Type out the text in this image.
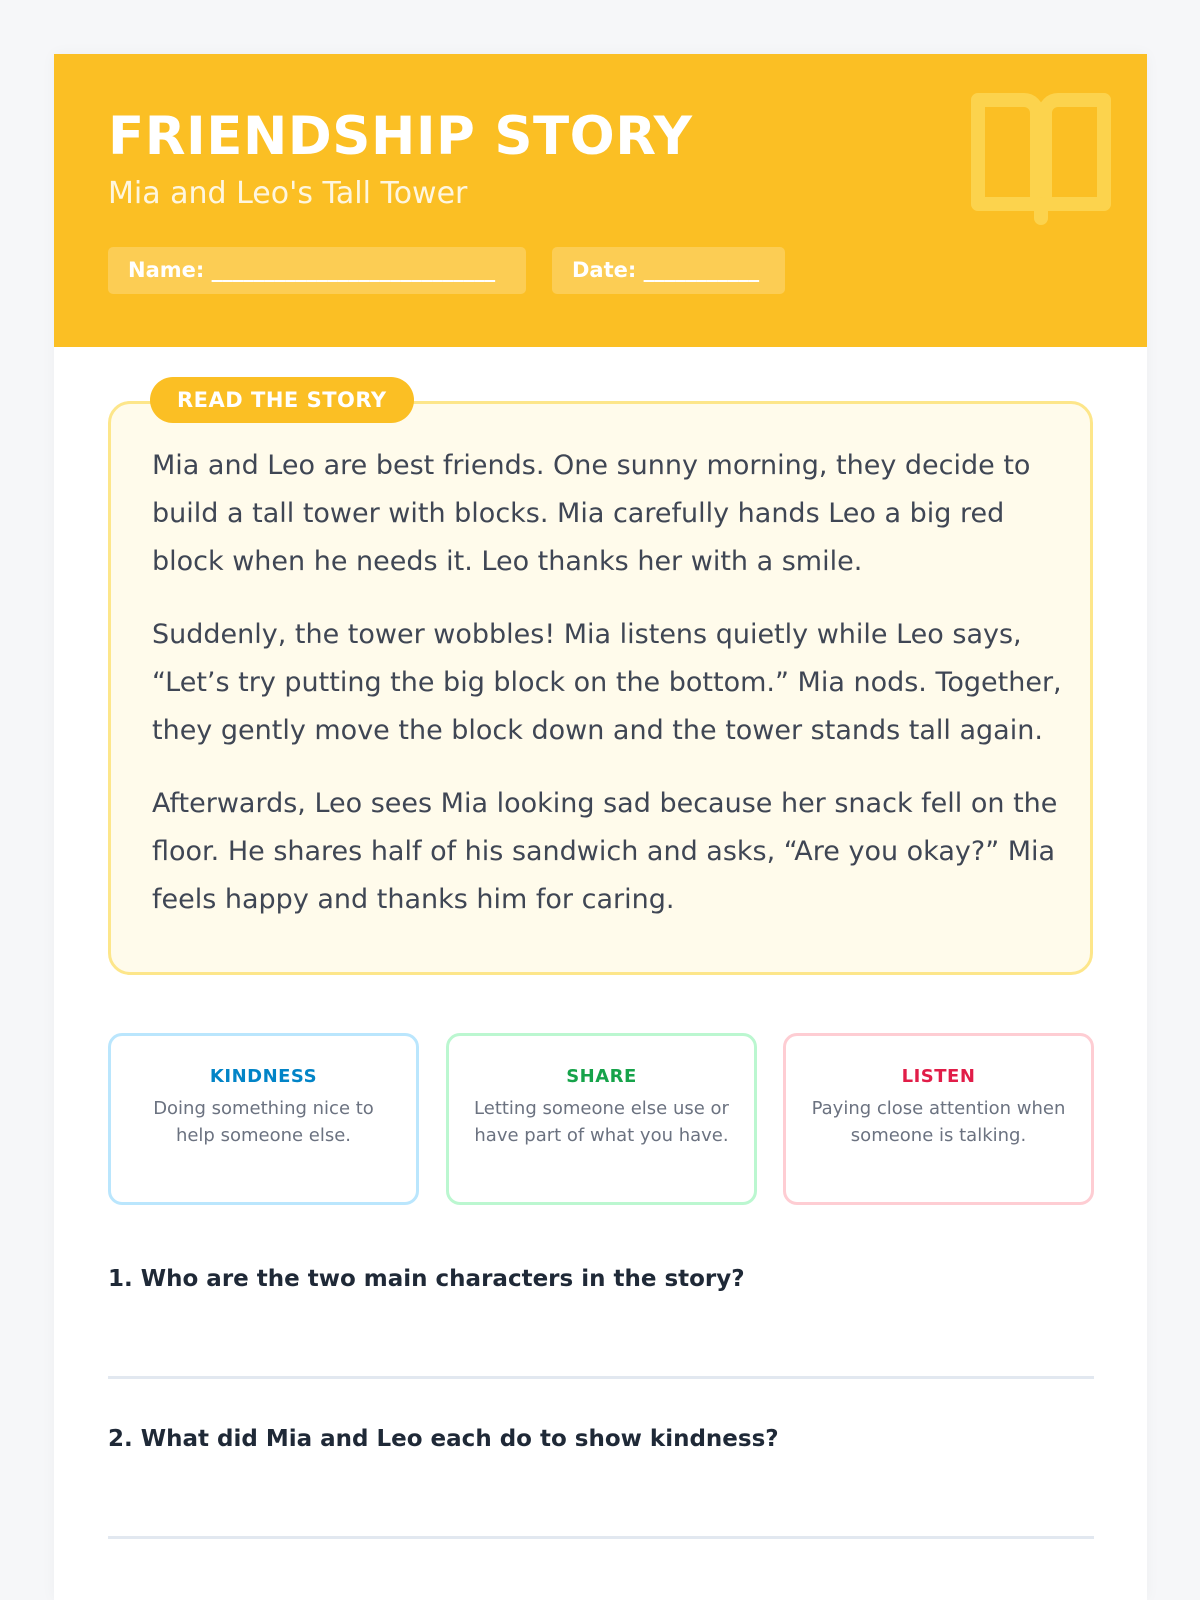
FRIENDSHIP STORY
Mia and Leo's Tall Tower
Name: ___________________________	Date: ___________

Mia and Leo are best friends. One sunny morning, they decide to build a tall tower with blocks. Mia carefully hands Leo a big red block when he needs it. Leo thanks her with a smile.

Suddenly, the tower wobbles! Mia listens quietly while Leo says, “Let’s try putting the big block on the bottom.” Mia nods. Together, they gently move the block down and the tower stands tall again.

Afterwards, Leo sees Mia looking sad because her snack fell on the floor. He shares half of his sandwich and asks, “Are you okay?” Mia feels happy and thanks him for caring.

READ THE STORY
KINDNESS
Doing something nice to help someone else.
SHARE
Letting someone else use or have part of what you have.
LISTEN
Paying close attention when someone is talking.
1. Who are the two main characters in the story?
2. What did Mia and Leo each do to show kindness?
